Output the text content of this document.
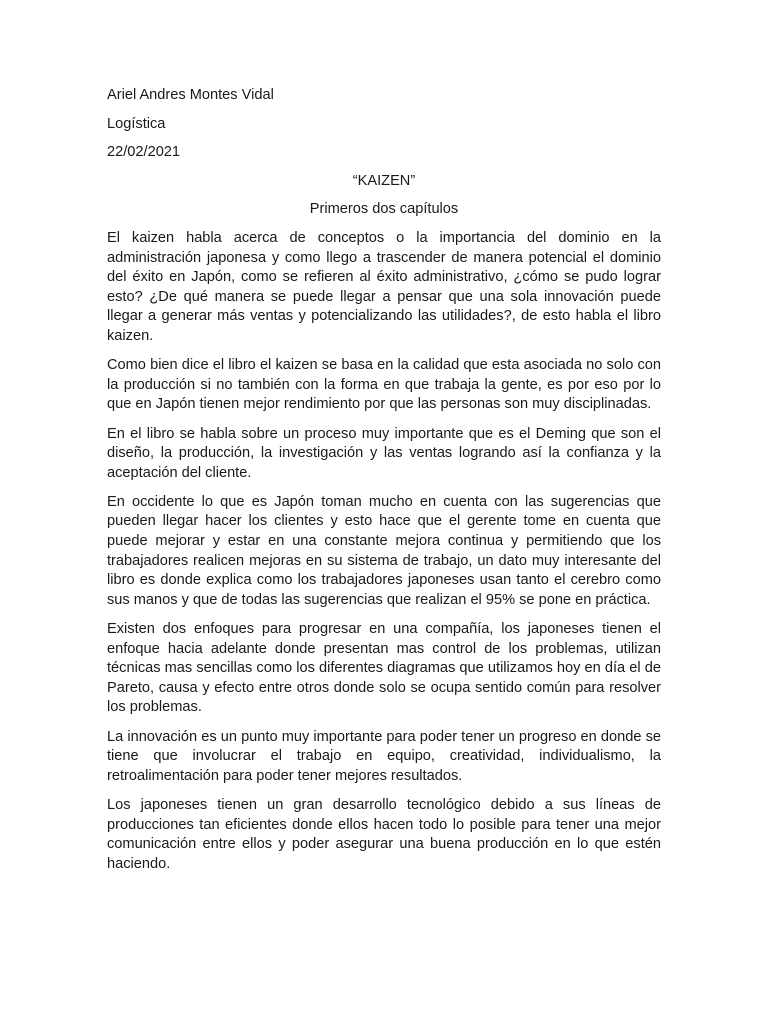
Ariel Andres Montes Vidal

Logística

22/02/2021

“KAIZEN”

Primeros dos capítulos

El kaizen habla acerca de conceptos o la importancia del dominio en la administración japonesa y como llego a trascender de manera potencial el dominio del éxito en Japón, como se refieren al éxito administrativo, ¿cómo se pudo lograr esto? ¿De qué manera se puede llegar a pensar que una sola innovación puede llegar a generar más ventas y potencializando las utilidades?, de esto habla el libro kaizen.

Como bien dice el libro el kaizen se basa en la calidad que esta asociada no solo con la producción si no también con la forma en que trabaja la gente, es por eso por lo que en Japón tienen mejor rendimiento por que las personas son muy disciplinadas.

En el libro se habla sobre un proceso muy importante que es el Deming que son el diseño, la producción, la investigación y las ventas logrando así la confianza y la aceptación del cliente.

En occidente lo que es Japón toman mucho en cuenta con las sugerencias que pueden llegar hacer los clientes y esto hace que el gerente tome en cuenta que puede mejorar y estar en una constante mejora continua y permitiendo que los trabajadores realicen mejoras en su sistema de trabajo, un dato muy interesante del libro es donde explica como los trabajadores japoneses usan tanto el cerebro como sus manos y que de todas las sugerencias que realizan el 95% se pone en práctica.

Existen dos enfoques para progresar en una compañía, los japoneses tienen el enfoque hacia adelante donde presentan mas control de los problemas, utilizan técnicas mas sencillas como los diferentes diagramas que utilizamos hoy en día el de Pareto, causa y efecto entre otros donde solo se ocupa sentido común para resolver los problemas.

La innovación es un punto muy importante para poder tener un progreso en donde se tiene que involucrar el trabajo en equipo, creatividad, individualismo, la retroalimentación para poder tener mejores resultados.

Los japoneses tienen un gran desarrollo tecnológico debido a sus líneas de producciones tan eficientes donde ellos hacen todo lo posible para tener una mejor comunicación entre ellos y poder asegurar una buena producción en lo que estén haciendo.
